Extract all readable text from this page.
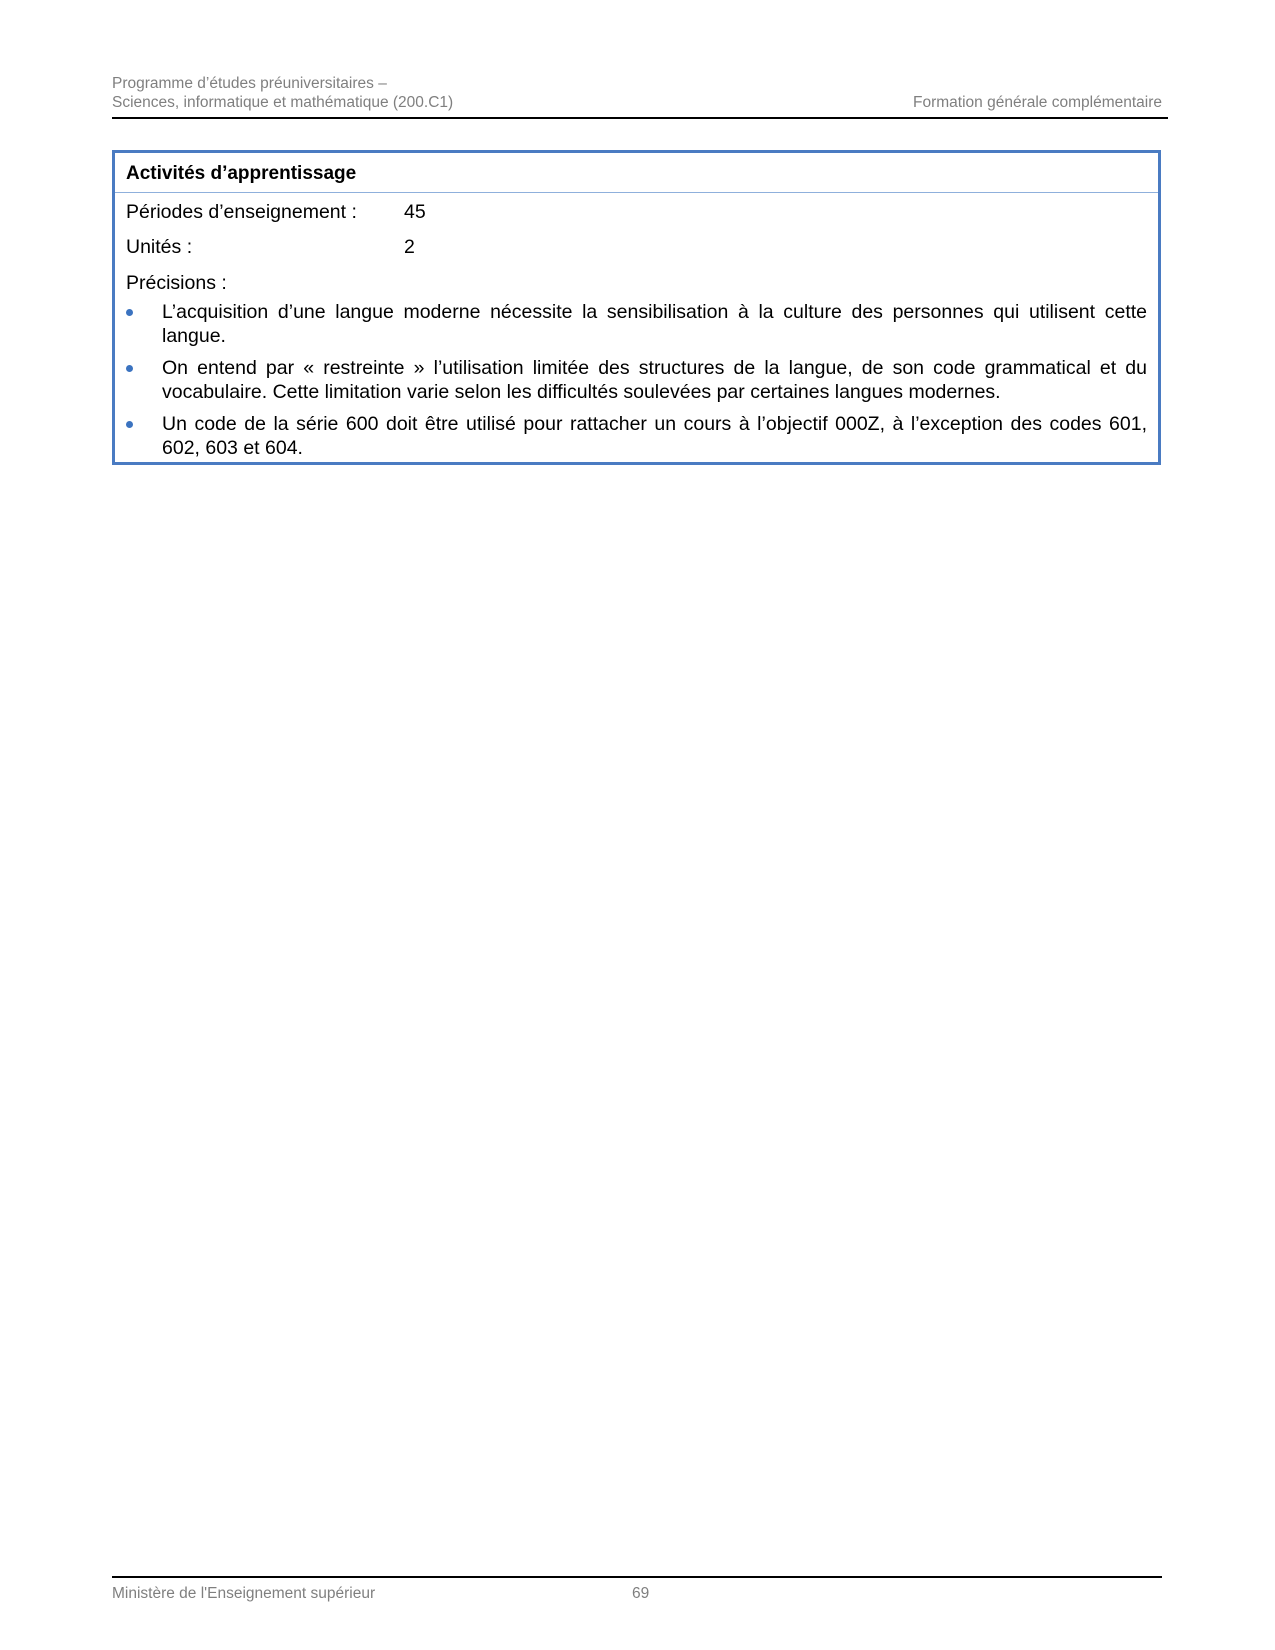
Programme d’études préuniversitaires –
Sciences, informatique et mathématique (200.C1)	Formation générale complémentaire
Activités d’apprentissage
Périodes d’enseignement : 45
Unités :	2
Précisions :
L’acquisition d’une langue moderne nécessite la sensibilisation à la culture des personnes qui utilisent cette langue.
On entend par « restreinte » l’utilisation limitée des structures de la langue, de son code grammatical et du vocabulaire. Cette limitation varie selon les difficultés soulevées par certaines langues modernes.
Un code de la série 600 doit être utilisé pour rattacher un cours à l’objectif 000Z, à l’exception des codes 601, 602, 603 et 604.
Ministère de l'Enseignement supérieur	69
